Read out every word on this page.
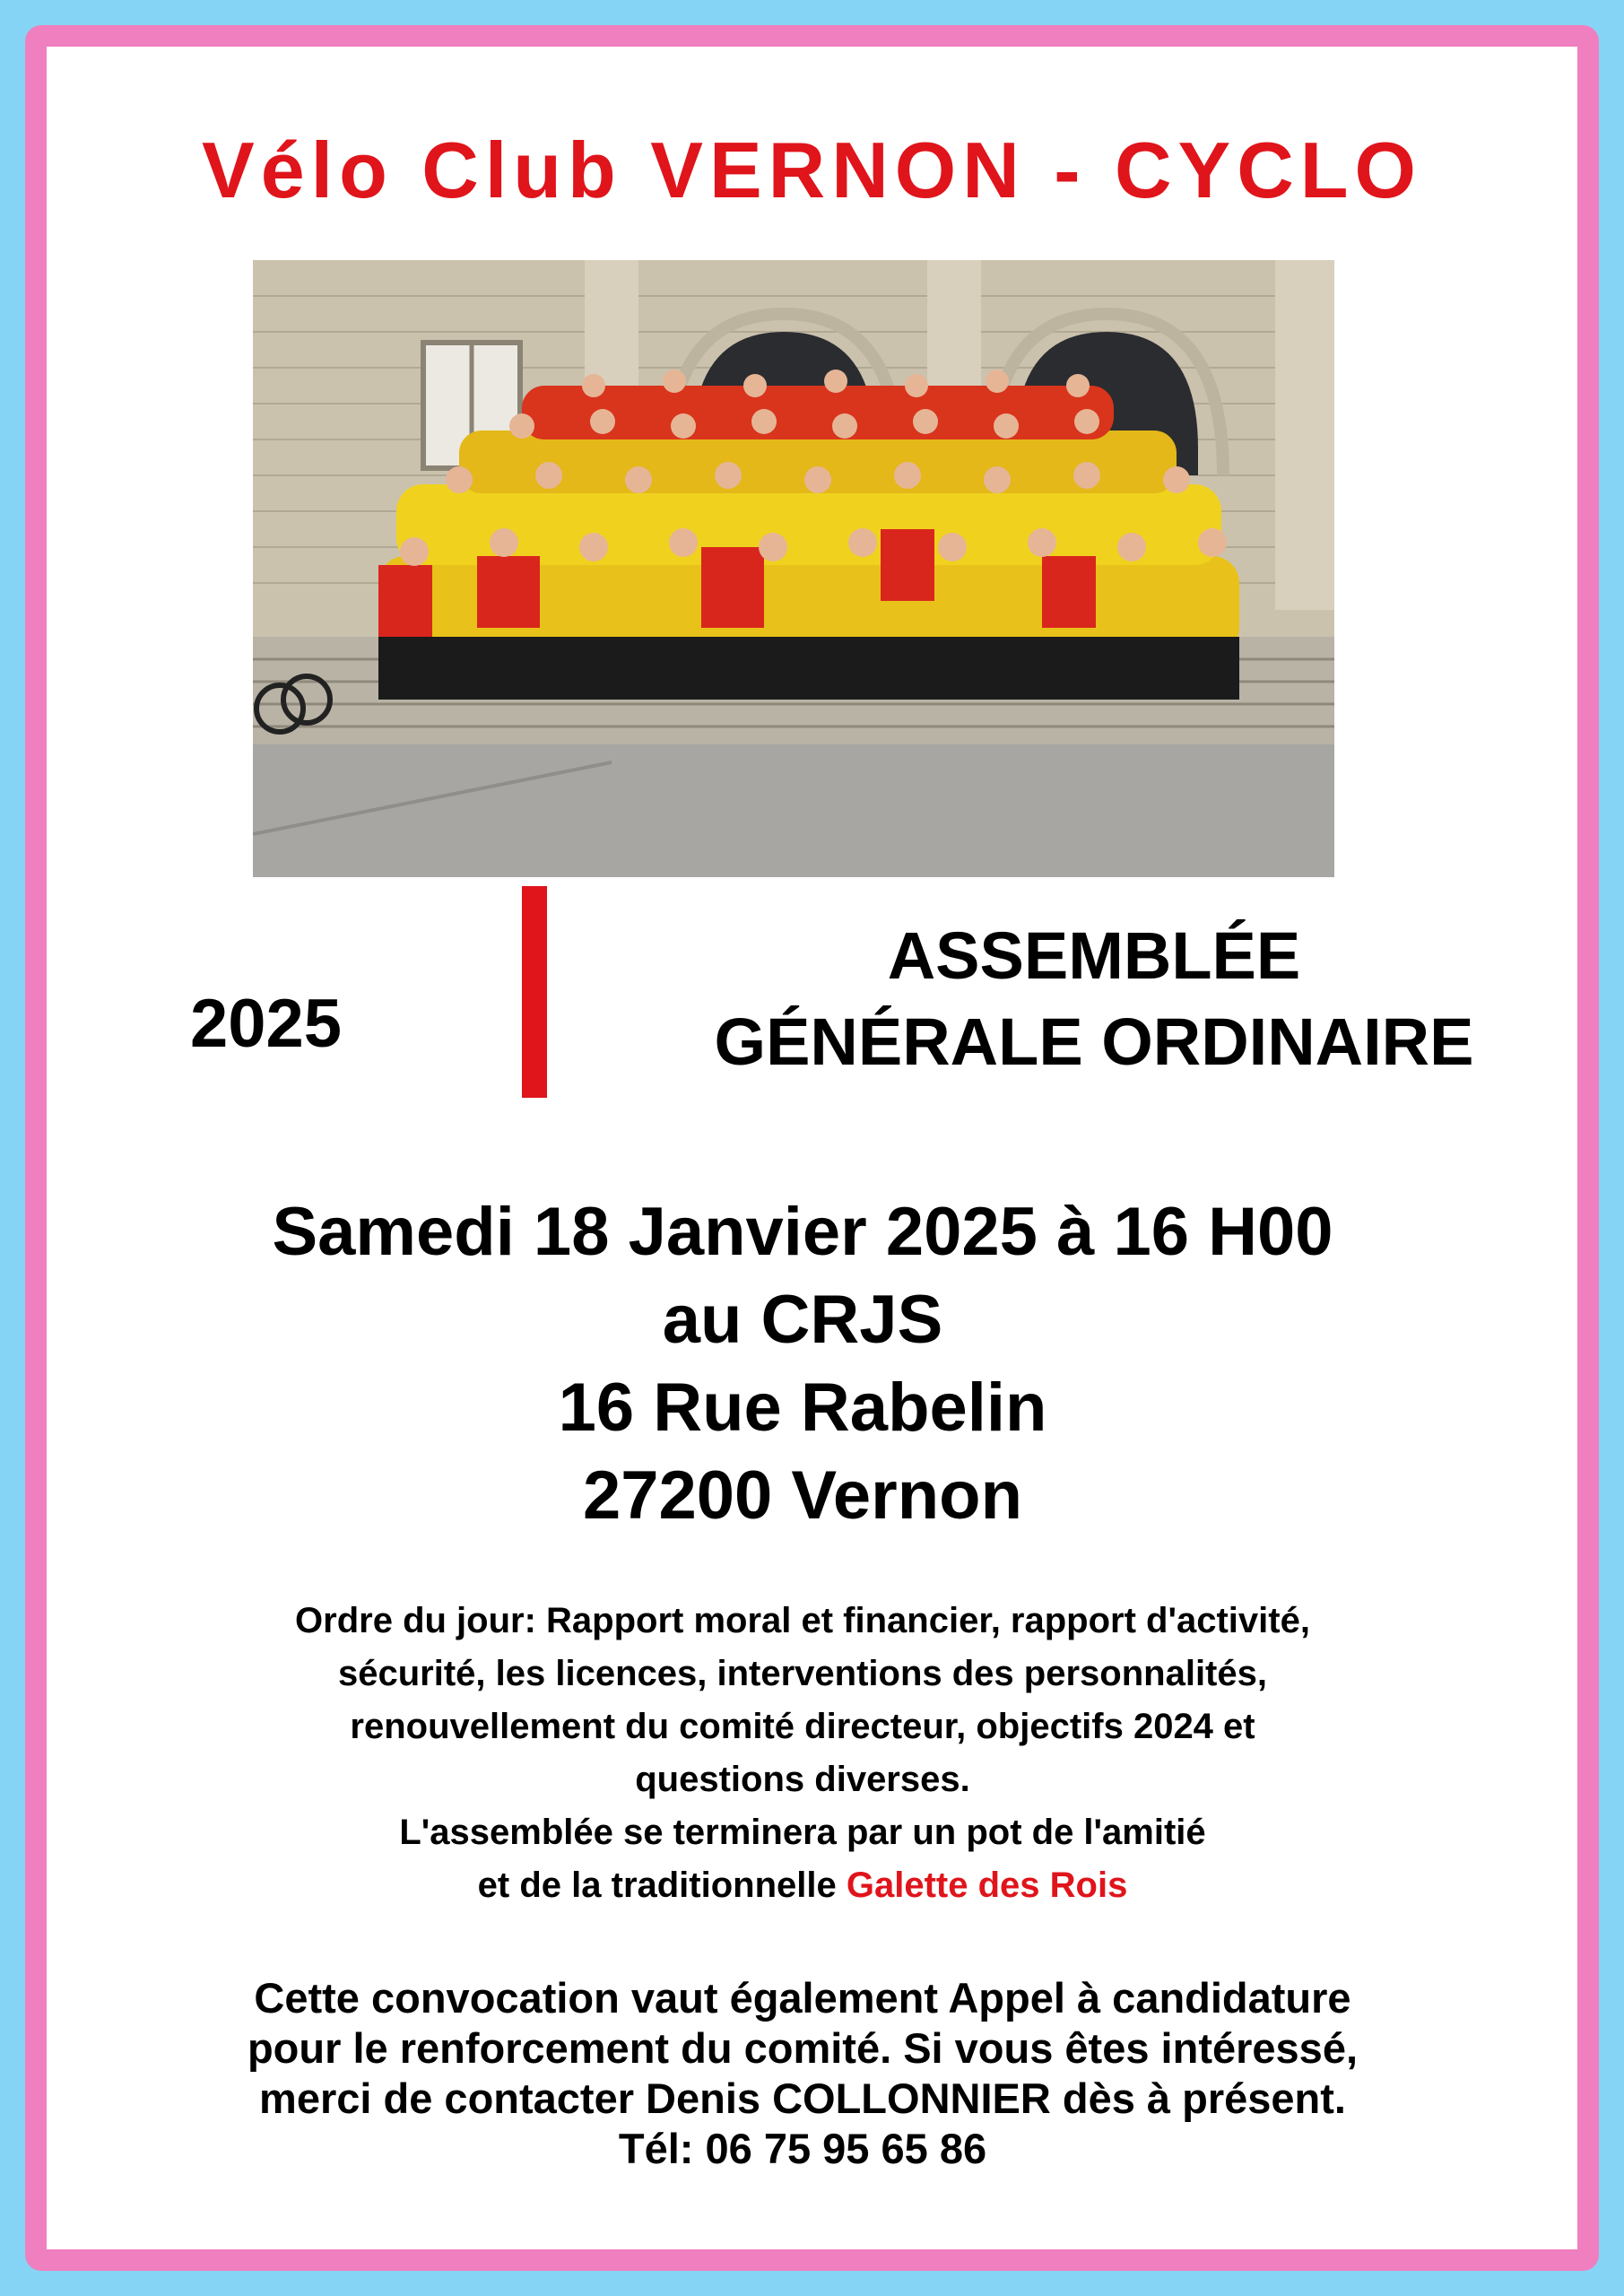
Vélo Club VERNON - CYCLO
2025
ASSEMBLÉE
GÉNÉRALE ORDINAIRE
Samedi 18 Janvier 2025 à 16 H00
au CRJS
16 Rue Rabelin
27200 Vernon
Ordre du jour: Rapport moral et financier, rapport d'activité,
sécurité, les licences, interventions des personnalités,
renouvellement du comité directeur, objectifs 2024 et
questions diverses.
L'assemblée se terminera par un pot de l'amitié
et de la traditionnelle Galette des Rois
Cette convocation vaut également Appel à candidature
pour le renforcement du comité. Si vous êtes intéressé,
merci de contacter Denis COLLONNIER dès à présent.
Tél: 06 75 95 65 86
